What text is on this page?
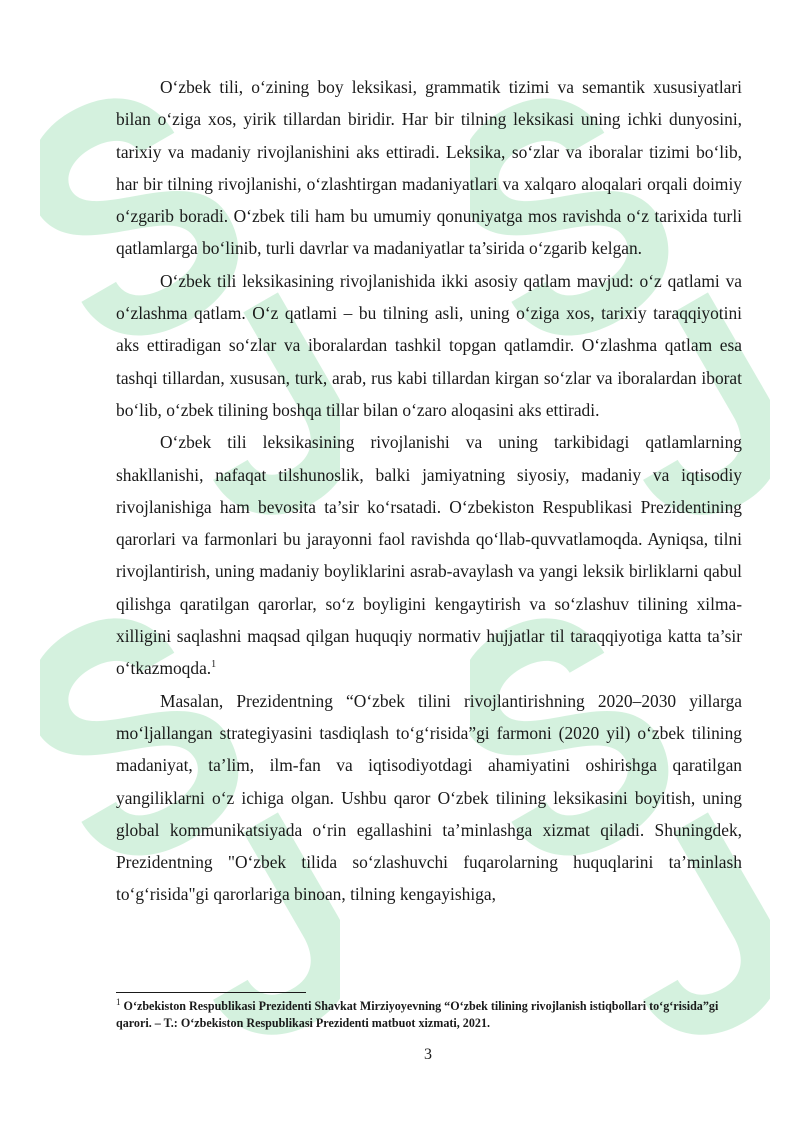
O‘zbek tili, o‘zining boy leksikasi, grammatik tizimi va semantik xususiyatlari bilan o‘ziga xos, yirik tillardan biridir. Har bir tilning leksikasi uning ichki dunyosini, tarixiy va madaniy rivojlanishini aks ettiradi. Leksika, so‘zlar va iboralar tizimi bo‘lib, har bir tilning rivojlanishi, o‘zlashtirgan madaniyatlari va xalqaro aloqalari orqali doimiy o‘zgarib boradi. O‘zbek tili ham bu umumiy qonuniyatga mos ravishda o‘z tarixida turli qatlamlarga bo‘linib, turli davrlar va madaniyatlar ta’sirida o‘zgarib kelgan.

O‘zbek tili leksikasining rivojlanishida ikki asosiy qatlam mavjud: o‘z qatlami va o‘zlashma qatlam. O‘z qatlami – bu tilning asli, uning o‘ziga xos, tarixiy taraqqiyotini aks ettiradigan so‘zlar va iboralardan tashkil topgan qatlamdir. O‘zlashma qatlam esa tashqi tillardan, xususan, turk, arab, rus kabi tillardan kirgan so‘zlar va iboralardan iborat bo‘lib, o‘zbek tilining boshqa tillar bilan o‘zaro aloqasini aks ettiradi.

O‘zbek tili leksikasining rivojlanishi va uning tarkibidagi qatlamlarning shakllanishi, nafaqat tilshunoslik, balki jamiyatning siyosiy, madaniy va iqtisodiy rivojlanishiga ham bevosita ta’sir ko‘rsatadi. O‘zbekiston Respublikasi Prezidentining qarorlari va farmonlari bu jarayonni faol ravishda qo‘llab-quvvatlamoqda. Ayniqsa, tilni rivojlantirish, uning madaniy boyliklarini asrab-avaylash va yangi leksik birliklarni qabul qilishga qaratilgan qarorlar, so‘z boyligini kengaytirish va so‘zlashuv tilining xilma-xilligini saqlashni maqsad qilgan huquqiy normativ hujjatlar til taraqqiyotiga katta ta’sir o‘tkazmoqda.$^1$

Masalan, Prezidentning “O‘zbek tilini rivojlantirishning 2020–2030 yillarga mo‘ljallangan strategiyasini tasdiqlash to‘g‘risida”gi farmoni (2020 yil) o‘zbek tilining madaniyat, ta’lim, ilm-fan va iqtisodiyotdagi ahamiyatini oshirishga qaratilgan yangiliklarni o‘z ichiga olgan. Ushbu qaror O‘zbek tilining leksikasini boyitish, uning global kommunikatsiyada o‘rin egallashini ta’minlashga xizmat qiladi. Shuningdek, Prezidentning "O‘zbek tilida so‘zlashuvchi fuqarolarning huquqlarini ta’minlash to‘g‘risida"gi qarorlariga binoan, tilning kengayishiga,

$^1$ O‘zbekiston Respublikasi Prezidenti Shavkat Mirziyoyevning “O‘zbek tilining rivojlanish istiqbollari to‘g‘risida”gi qarori. – T.: O‘zbekiston Respublikasi Prezidenti matbuot xizmati, 2021.
3
